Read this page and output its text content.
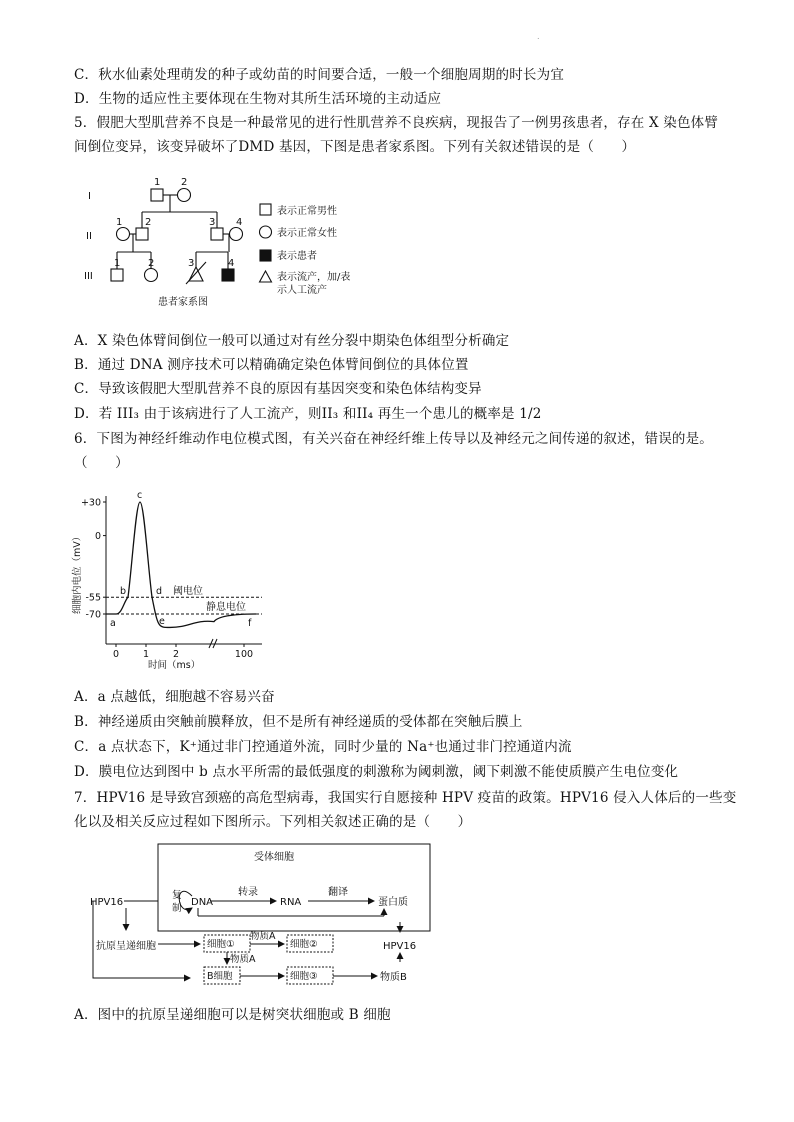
.
C．秋水仙素处理萌发的种子或幼苗的时间要合适，一般一个细胞周期的时长为宜
D．生物的适应性主要体现在生物对其所生活环境的主动适应
5．假肥大型肌营养不良是一种最常见的进行性肌营养不良疾病，现报告了一例男孩患者，存在 X 染色体臂
间倒位变异，该变异破坏了DMD 基因，下图是患者家系图。下列有关叙述错误的是（　　）
I
II
III
1 2
1 2	3 4
1	2	3	4
表示正常男性
表示正常女性
表示患者
表示流产，加/表
示人工流产
患者家系图
A．X 染色体臂间倒位一般可以通过对有丝分裂中期染色体组型分析确定
B．通过 DNA 测序技术可以精确确定染色体臂间倒位的具体位置
C．导致该假肥大型肌营养不良的原因有基因突变和染色体结构变异
D．若 III₃ 由于该病进行了人工流产，则II₃ 和II₄ 再生一个患儿的概率是 1/2
6．下图为神经纤维动作电位模式图，有关兴奋在神经纤维上传导以及神经元之间传递的叙述，错误的是。
（　　）
+30
0
-55
-70
0	1	2	100
a
b
c
d
e	f
细胞内电位（mV）
时间（ms）
阈电位
静息电位
A．a 点越低，细胞越不容易兴奋
B．神经递质由突触前膜释放，但不是所有神经递质的受体都在突触后膜上
C．a 点状态下，K⁺通过非门控通道外流，同时少量的 Na⁺也通过非门控通道内流
D．膜电位达到图中 b 点水平所需的最低强度的刺激称为阈刺激，阈下刺激不能使质膜产生电位变化
7．HPV16 是导致宫颈癌的高危型病毒，我国实行自愿接种 HPV 疫苗的政策。HPV16 侵入人体后的一些变
化以及相关反应过程如下图所示。下列相关叙述正确的是（　　）
受体细胞
HPV16
复
制
DNA
转录
RNA
翻译
蛋白质
抗原呈递细胞	细胞①
物质A
细胞②	HPV16
物质A
B细胞	细胞③	物质B
A．图中的抗原呈递细胞可以是树突状细胞或 B 细胞
